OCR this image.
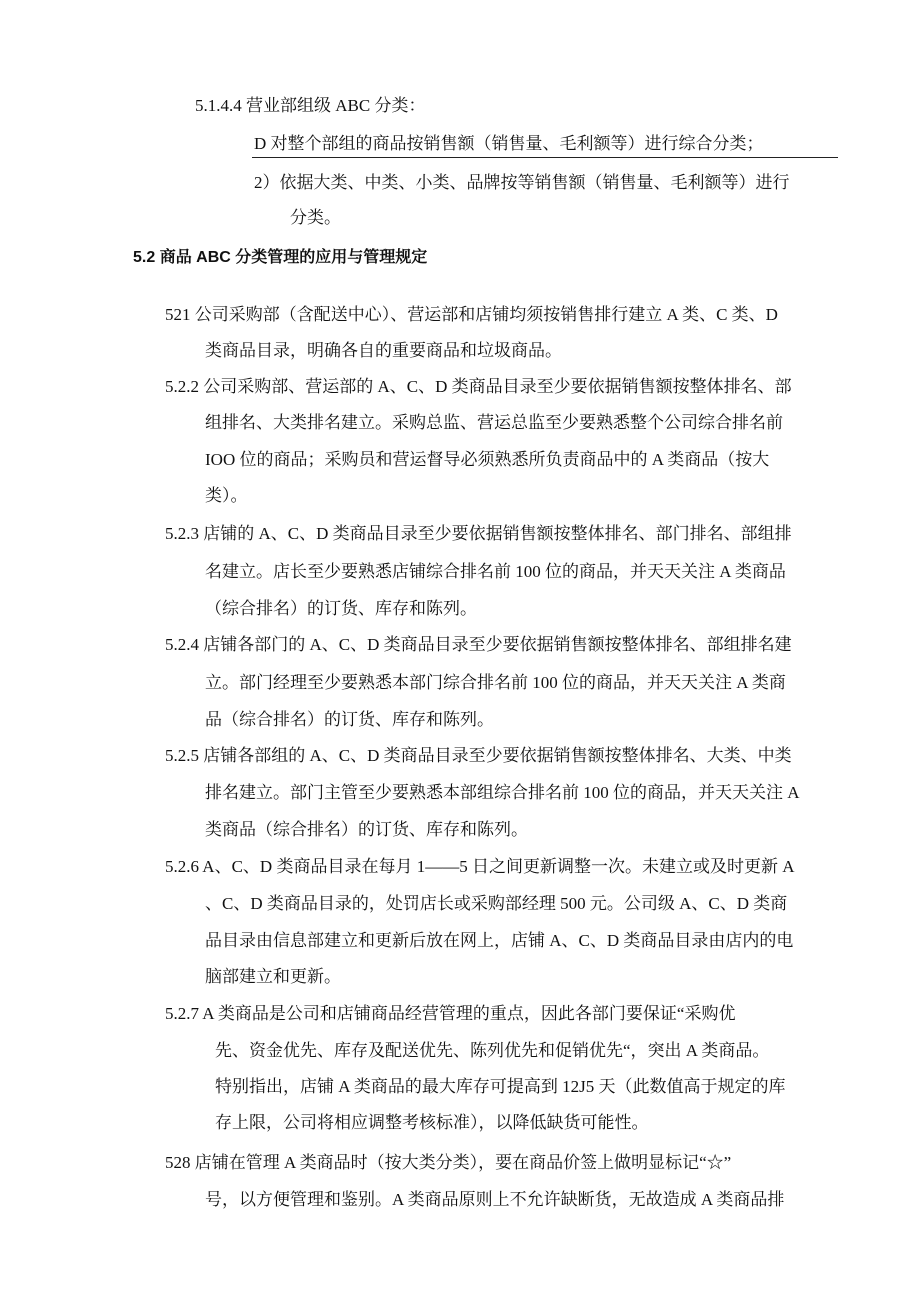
5.1.4.4 营业部组级 ABC 分类：
D 对整个部组的商品按销售额（销售量、毛利额等）进行综合分类；
2）依据大类、中类、小类、品牌按等销售额（销售量、毛利额等）进行
分类。
5.2 商品 ABC 分类管理的应用与管理规定
521 公司采购部（含配送中心）、营运部和店铺均须按销售排行建立 A 类、C 类、D
类商品目录，明确各自的重要商品和垃圾商品。
5.2.2 公司采购部、营运部的 A、C、D 类商品目录至少要依据销售额按整体排名、部
组排名、大类排名建立。采购总监、营运总监至少要熟悉整个公司综合排名前
IOO 位的商品；采购员和营运督导必须熟悉所负责商品中的 A 类商品（按大
类）。
5.2.3 店铺的 A、C、D 类商品目录至少要依据销售额按整体排名、部门排名、部组排
名建立。店长至少要熟悉店铺综合排名前 100 位的商品，并天天关注 A 类商品
（综合排名）的订货、库存和陈列。
5.2.4 店铺各部门的 A、C、D 类商品目录至少要依据销售额按整体排名、部组排名建
立。部门经理至少要熟悉本部门综合排名前 100 位的商品，并天天关注 A 类商
品（综合排名）的订货、库存和陈列。
5.2.5 店铺各部组的 A、C、D 类商品目录至少要依据销售额按整体排名、大类、中类
排名建立。部门主管至少要熟悉本部组综合排名前 100 位的商品，并天天关注 A
类商品（综合排名）的订货、库存和陈列。
5.2.6 A、C、D 类商品目录在每月 1——5 日之间更新调整一次。未建立或及时更新 A
、C、D 类商品目录的，处罚店长或采购部经理 500 元。公司级 A、C、D 类商
品目录由信息部建立和更新后放在网上，店铺 A、C、D 类商品目录由店内的电
脑部建立和更新。
5.2.7 A 类商品是公司和店铺商品经营管理的重点，因此各部门要保证“采购优
先、资金优先、库存及配送优先、陈列优先和促销优先“，突出 A 类商品。
特别指出，店铺 A 类商品的最大库存可提高到 12J5 天（此数值高于规定的库
存上限，公司将相应调整考核标准），以降低缺货可能性。
528 店铺在管理 A 类商品时（按大类分类），要在商品价签上做明显标记“☆”
号，以方便管理和鉴别。A 类商品原则上不允许缺断货，无故造成 A 类商品排
